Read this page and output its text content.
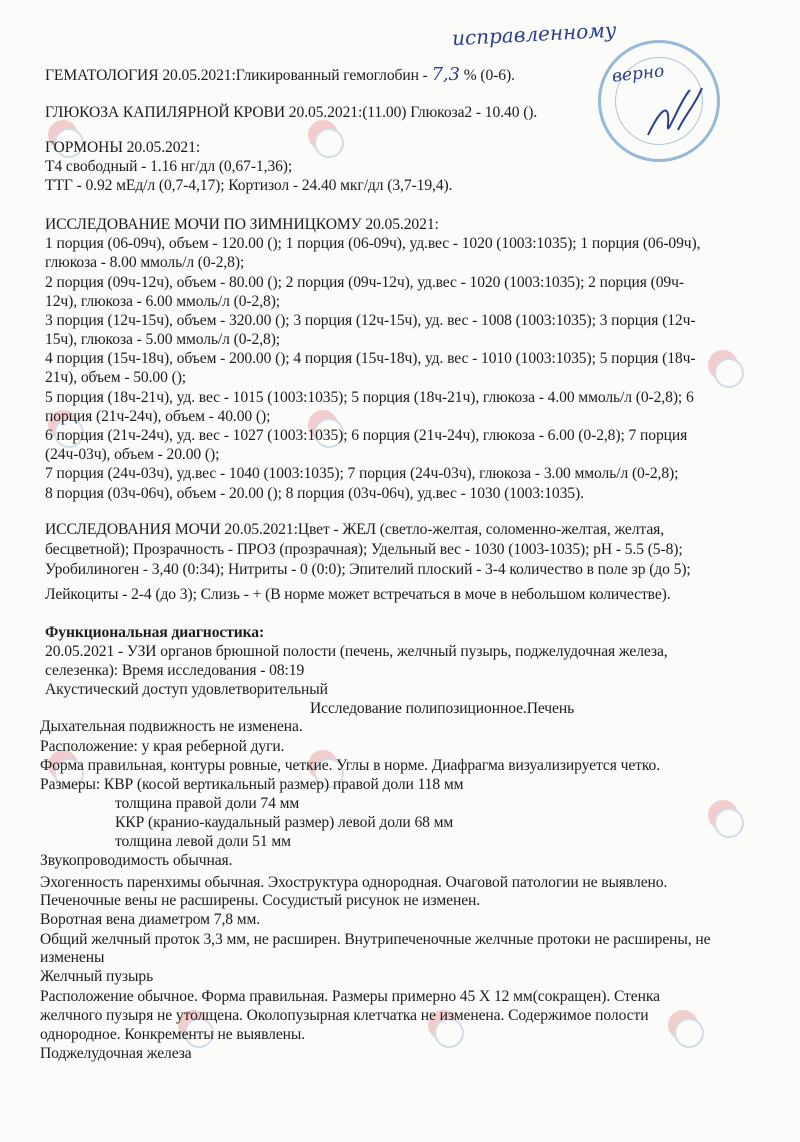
исправленному
верно
ГЕМАТОЛОГИЯ 20.05.2021:Гликированный гемоглобин - 7,3 % (0-6).
ГЛЮКОЗА КАПИЛЯРНОЙ КРОВИ 20.05.2021:(11.00) Глюкоза2 - 10.40 ().
ГОРМОНЫ 20.05.2021:
Т4 свободный - 1.16 нг/дл (0,67-1,36);
ТТГ - 0.92 мЕд/л (0,7-4,17); Кортизол - 24.40 мкг/дл (3,7-19,4).
ИССЛЕДОВАНИЕ МОЧИ ПО ЗИМНИЦКОМУ 20.05.2021:
1 порция (06-09ч), объем - 120.00 (); 1 порция (06-09ч), уд.вес - 1020 (1003:1035); 1 порция (06-09ч),
глюкоза - 8.00 ммоль/л (0-2,8);
2 порция (09ч-12ч), объем - 80.00 (); 2 порция (09ч-12ч), уд.вес - 1020 (1003:1035); 2 порция (09ч-
12ч), глюкоза - 6.00 ммоль/л (0-2,8);
3 порция (12ч-15ч), объем - 320.00 (); 3 порция (12ч-15ч), уд. вес - 1008 (1003:1035); 3 порция (12ч-
15ч), глюкоза - 5.00 ммоль/л (0-2,8);
4 порция (15ч-18ч), объем - 200.00 (); 4 порция (15ч-18ч), уд. вес - 1010 (1003:1035); 5 порция (18ч-
21ч), объем - 50.00 ();
5 порция (18ч-21ч), уд. вес - 1015 (1003:1035); 5 порция (18ч-21ч), глюкоза - 4.00 ммоль/л (0-2,8); 6
порция (21ч-24ч), объем - 40.00 ();
6 порция (21ч-24ч), уд. вес - 1027 (1003:1035); 6 порция (21ч-24ч), глюкоза - 6.00 (0-2,8); 7 порция
(24ч-03ч), объем - 20.00 ();
7 порция (24ч-03ч), уд.вес - 1040 (1003:1035); 7 порция (24ч-03ч), глюкоза - 3.00 ммоль/л (0-2,8);
8 порция (03ч-06ч), объем - 20.00 (); 8 порция (03ч-06ч), уд.вес - 1030 (1003:1035).
ИССЛЕДОВАНИЯ МОЧИ 20.05.2021:Цвет - ЖЕЛ (светло-желтая, соломенно-желтая, желтая,
бесцветной); Прозрачность - ПРОЗ (прозрачная); Удельный вес - 1030 (1003-1035); pH - 5.5 (5-8);
Уробилиноген - 3,40 (0:34); Нитриты - 0 (0:0); Эпителий плоский - 3-4 количество в поле зр (до 5);
Лейкоциты - 2-4 (до 3); Слизь - + (В норме может встречаться в моче в небольшом количестве).
Функциональная диагностика:
20.05.2021 - УЗИ органов брюшной полости (печень, желчный пузырь, поджелудочная железа,
селезенка): Время исследования - 08:19
Акустический доступ удовлетворительный
Исследование полипозиционное.Печень
Дыхательная подвижность не изменена.
Расположение: у края реберной дуги.
Форма правильная, контуры ровные, четкие. Углы в норме. Диафрагма визуализируется четко.
Размеры: КВР (косой вертикальный размер) правой доли 118 мм
толщина правой доли 74 мм
ККР (кранио-каудальный размер) левой доли 68 мм
толщина левой доли 51 мм
Звукопроводимость обычная.
Эхогенность паренхимы обычная. Эхоструктура однородная. Очаговой патологии не выявлено.
Печеночные вены не расширены. Сосудистый рисунок не изменен.
Воротная вена диаметром 7,8 мм.
Общий желчный проток 3,3 мм, не расширен. Внутрипеченочные желчные протоки не расширены, не
изменены
Желчный пузырь
Расположение обычное. Форма правильная. Размеры примерно 45 X 12 мм(сокращен). Стенка
желчного пузыря не утолщена. Околопузырная клетчатка не изменена. Содержимое полости
однородное. Конкременты не выявлены.
Поджелудочная железа
